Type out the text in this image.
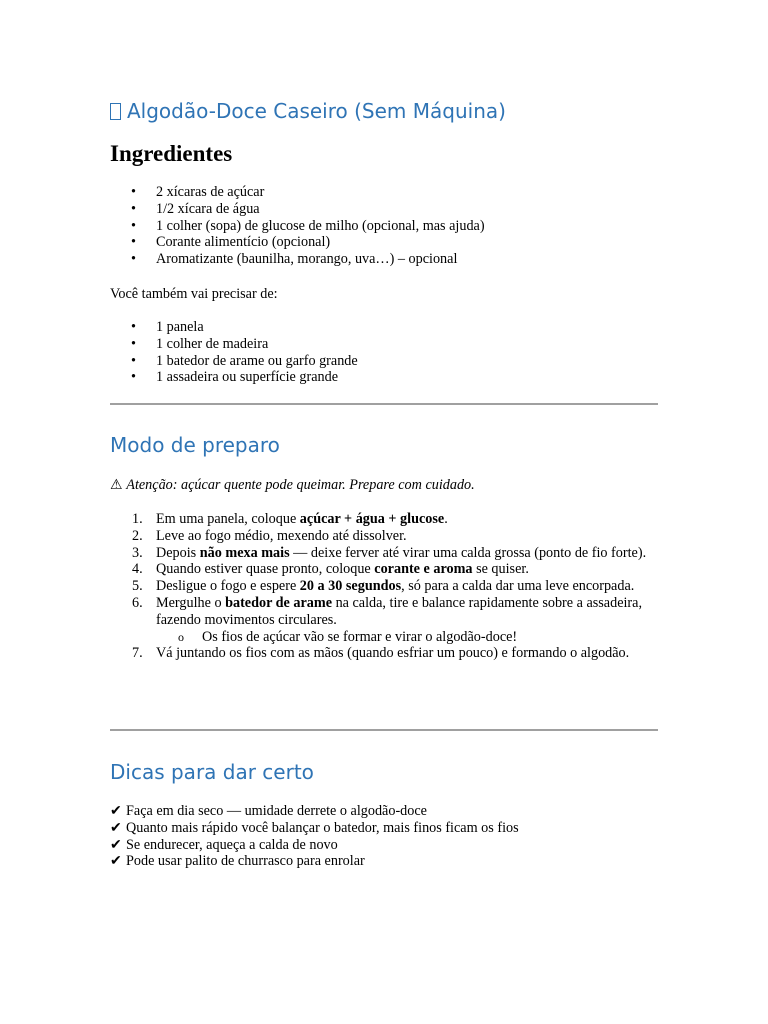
Algodão-Doce Caseiro (Sem Máquina)
Ingredientes
• 2 xícaras de açúcar
• 1/2 xícara de água
• 1 colher (sopa) de glucose de milho (opcional, mas ajuda)
• Corante alimentício (opcional)
• Aromatizante (baunilha, morango, uva…) – opcional

Você também vai precisar de:

• 1 panela
• 1 colher de madeira
• 1 batedor de arame ou garfo grande
• 1 assadeira ou superfície grande
Modo de preparo

⚠ Atenção: açúcar quente pode queimar. Prepare com cuidado.

1. Em uma panela, coloque açúcar + água + glucose.
2. Leve ao fogo médio, mexendo até dissolver.
3. Depois não mexa mais — deixe ferver até virar uma calda grossa (ponto de fio forte).
4. Quando estiver quase pronto, coloque corante e aroma se quiser.
5. Desligue o fogo e espere 20 a 30 segundos, só para a calda dar uma leve encorpada.
6. Mergulhe o batedor de arame na calda, tire e balance rapidamente sobre a assadeira, fazendo movimentos circulares.
o Os fios de açúcar vão se formar e virar o algodão-doce!
7. Vá juntando os fios com as mãos (quando esfriar um pouco) e formando o algodão.
Dicas para dar certo

✔ Faça em dia seco — umidade derrete o algodão-doce

✔ Quanto mais rápido você balançar o batedor, mais finos ficam os fios

✔ Se endurecer, aqueça a calda de novo

✔ Pode usar palito de churrasco para enrolar
